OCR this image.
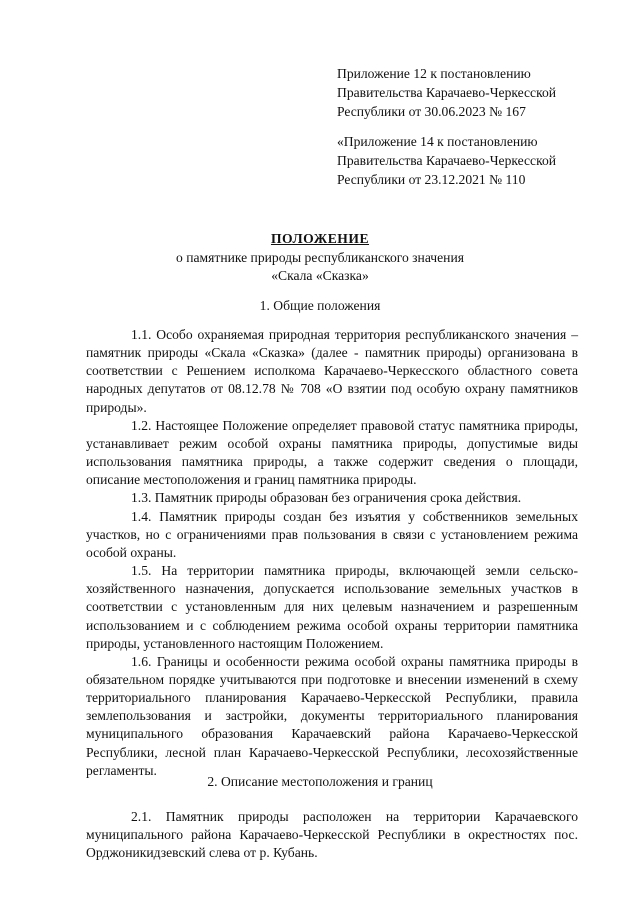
Приложение 12 к постановлению
Правительства Карачаево-Черкесской
Республики от 30.06.2023 № 167
«Приложение 14 к постановлению
Правительства Карачаево-Черкесской
Республики от 23.12.2021 № 110
ПОЛОЖЕНИЕ
о памятнике природы республиканского значения
«Скала «Сказка»
1. Общие положения

1.1. Особо охраняемая природная территория республиканского значения – памятник природы «Скала «Сказка» (далее - памятник природы) организована в соответствии с Решением исполкома Карачаево-Черкесского областного совета народных депутатов от 08.12.78 № 708 «О взятии под особую охрану памятников природы».

1.2. Настоящее Положение определяет правовой статус памятника природы, устанавливает режим особой охраны памятника природы, допустимые виды использования памятника природы, а также содержит сведения о площади, описание местоположения и границ памятника природы.

1.3. Памятник природы образован без ограничения срока действия.

1.4. Памятник природы создан без изъятия у собственников земельных участков, но с ограничениями прав пользования в связи с установлением режима особой охраны.

1.5. На территории памятника природы, включающей земли сельскохозяйственного назначения, допускается использование земельных участков в соответствии с установленным для них целевым назначением и разрешенным использованием и с соблюдением режима особой охраны территории памятника природы, установленного настоящим Положением.

1.6. Границы и особенности режима особой охраны памятника природы в обязательном порядке учитываются при подготовке и внесении изменений в схему территориального планирования Карачаево-Черкесской Республики, правила землепользования и застройки, документы территориального планирования муниципального образования Карачаевский района Карачаево-Черкесской Республики, лесной план Карачаево-Черкесской Республики, лесохозяйственные регламенты.

2. Описание местоположения и границ

2.1. Памятник природы расположен на территории Карачаевского муниципального района Карачаево-Черкесской Республики в окрестностях пос. Орджоникидзевский слева от р. Кубань.
